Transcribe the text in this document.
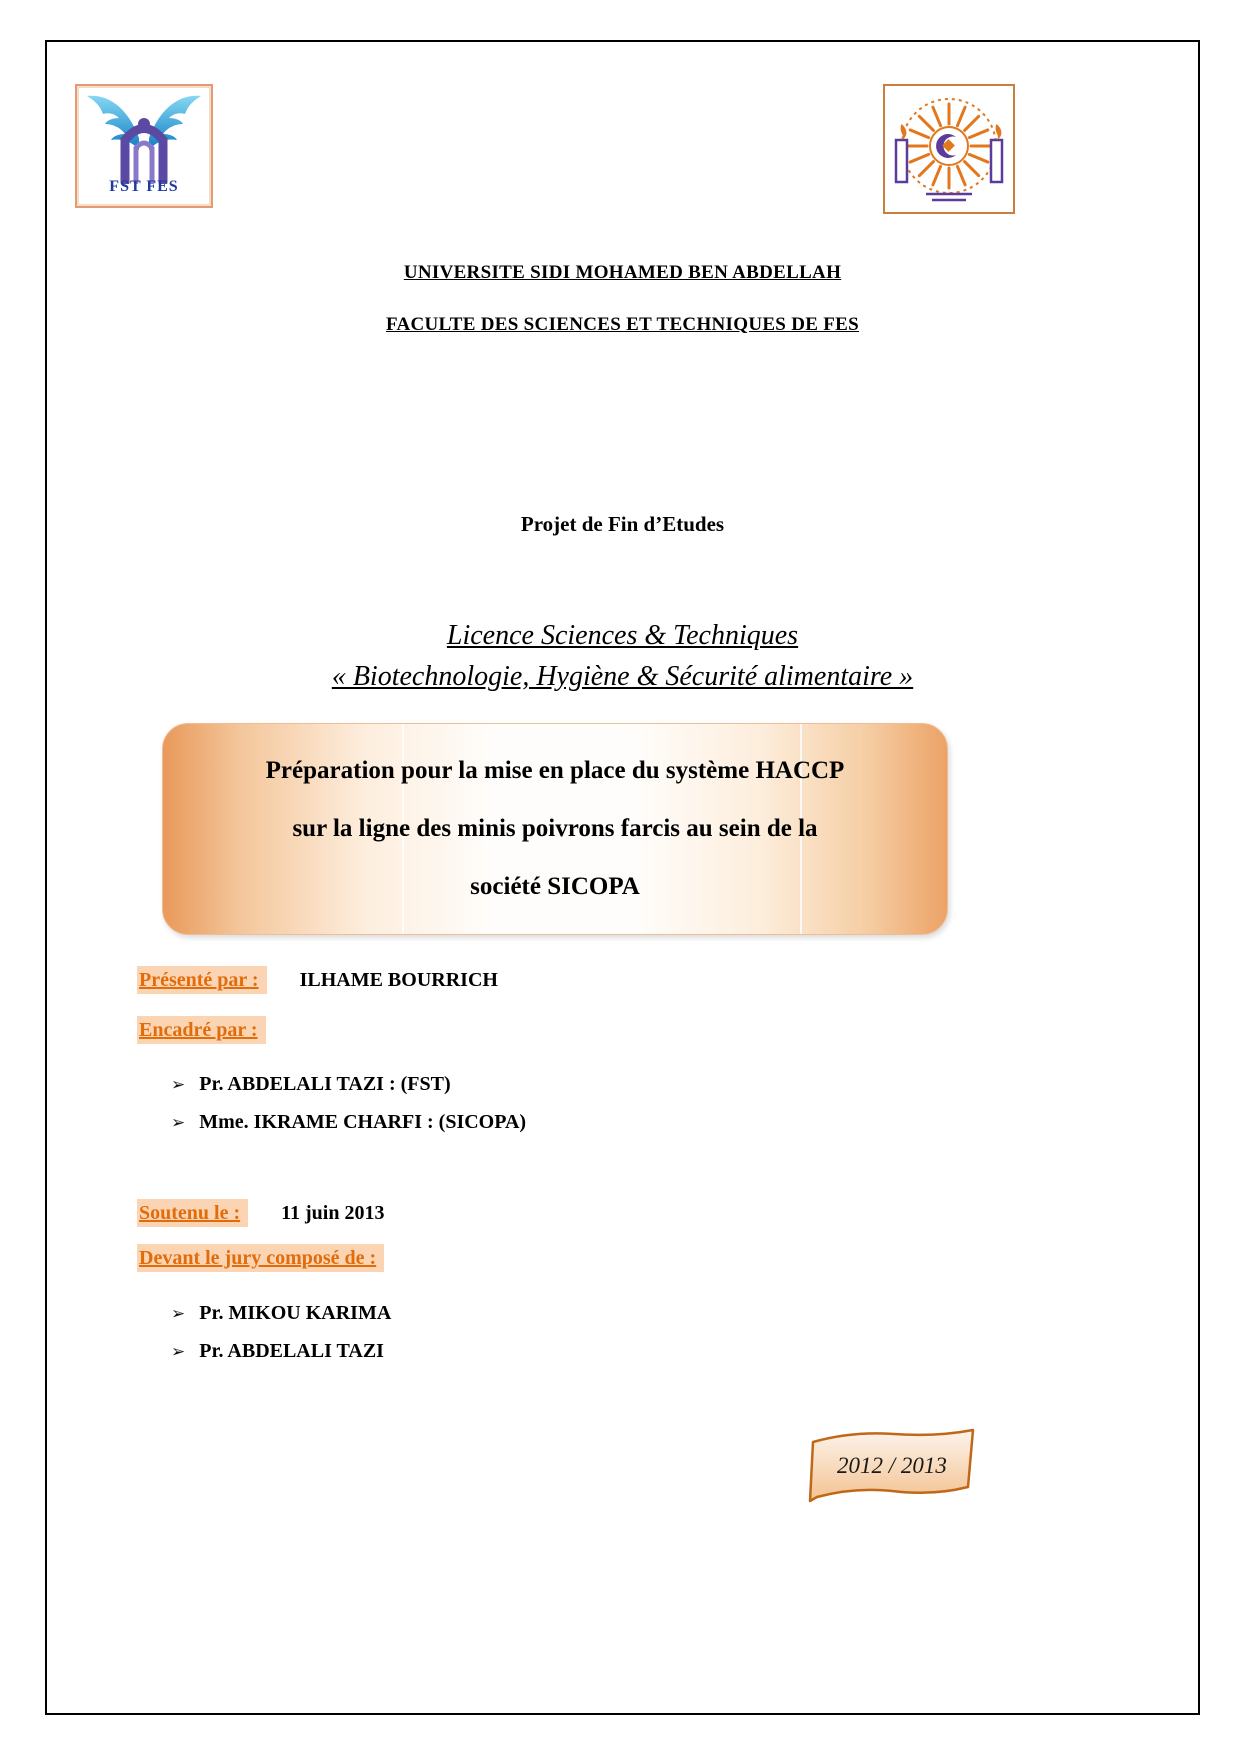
FST FES
UNIVERSITE SIDI MOHAMED BEN ABDELLAH
FACULTE DES SCIENCES ET TECHNIQUES DE FES
Projet de Fin d’Etudes
Licence Sciences & Techniques
« Biotechnologie, Hygiène & Sécurité alimentaire »
Préparation pour la mise en place du système HACCP
sur la ligne des minis poivrons farcis au sein de la
société SICOPA
Présenté par : ILHAME BOURRICH
Encadré par :
➢ Pr. ABDELALI TAZI : (FST)
➢ Mme. IKRAME CHARFI : (SICOPA)
Soutenu le : 11 juin 2013
Devant le jury composé de :
➢ Pr. MIKOU KARIMA
➢ Pr. ABDELALI TAZI
2012 / 2013
